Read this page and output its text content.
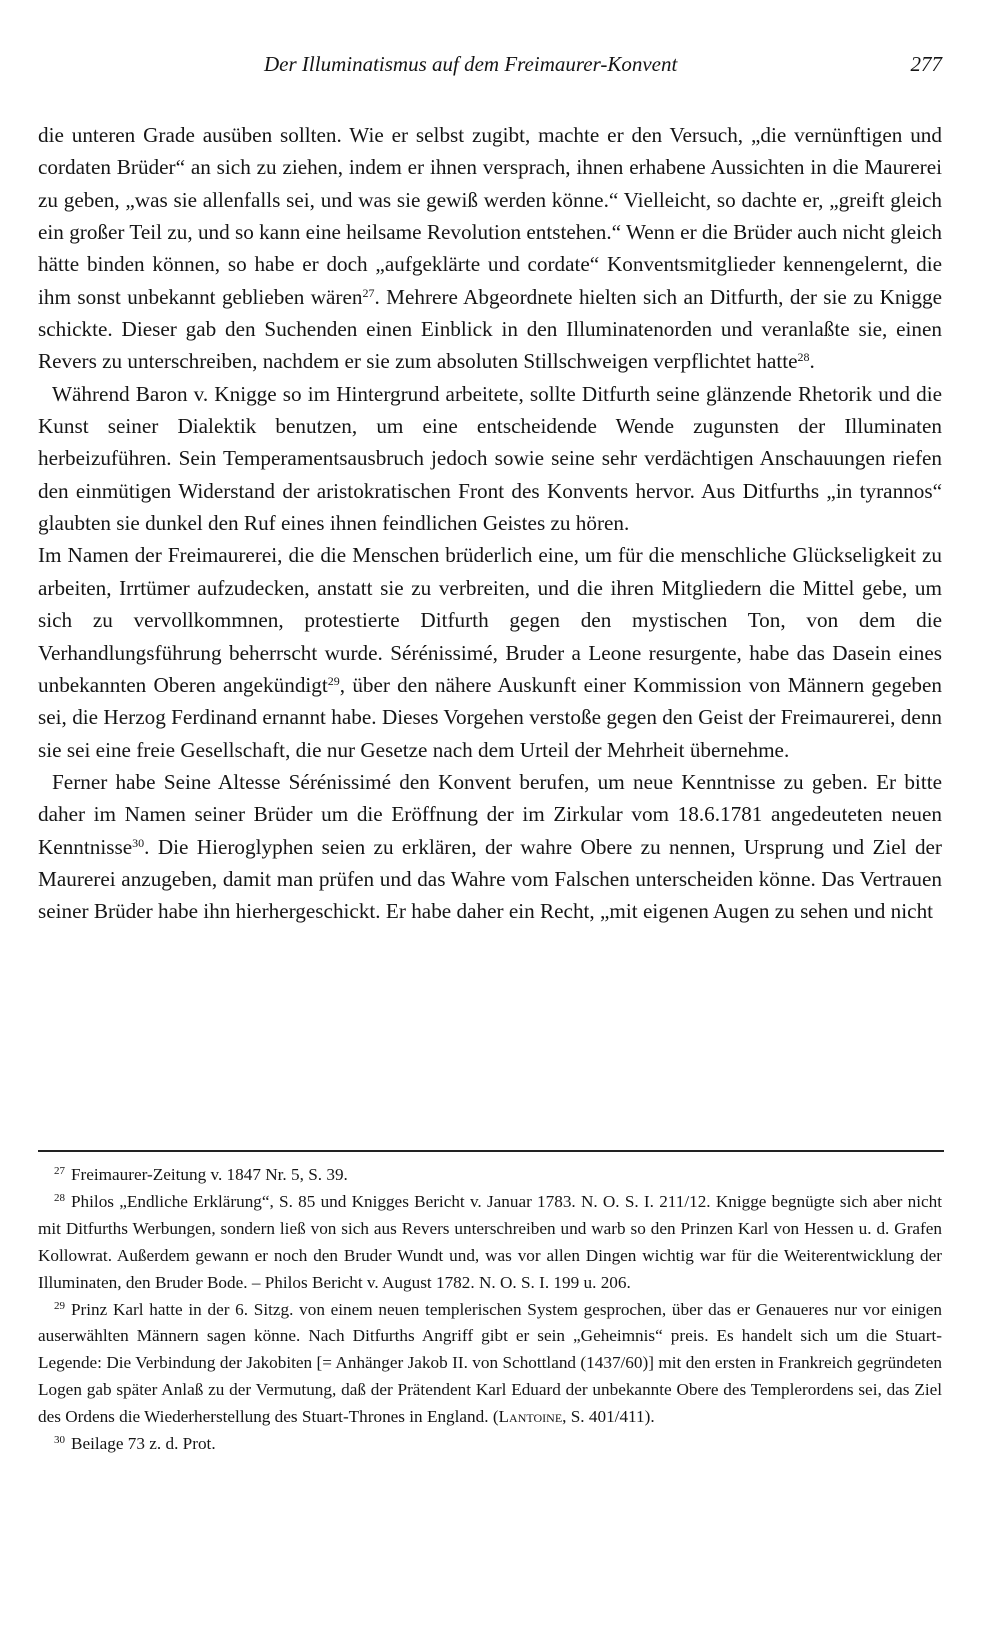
Der Illuminatismus auf dem Freimaurer-Konvent	277

die unteren Grade ausüben sollten. Wie er selbst zugibt, machte er den Versuch, „die vernünftigen und cordaten Brüder“ an sich zu ziehen, indem er ihnen versprach, ihnen erhabene Aussichten in die Maurerei zu geben, „was sie allenfalls sei, und was sie gewiß werden könne.“ Vielleicht, so dachte er, „greift gleich ein großer Teil zu, und so kann eine heilsame Revolution entstehen.“ Wenn er die Brüder auch nicht gleich hätte binden können, so habe er doch „aufgeklärte und cordate“ Konventsmitglieder kennengelernt, die ihm sonst unbekannt geblieben wären$^{27}$. Mehrere Abgeordnete hielten sich an Ditfurth, der sie zu Knigge schickte. Dieser gab den Suchenden einen Einblick in den Illuminatenorden und veranlaßte sie, einen Revers zu unterschreiben, nachdem er sie zum absoluten Stillschweigen verpflichtet hatte$^{28}$.

Während Baron v. Knigge so im Hintergrund arbeitete, sollte Ditfurth seine glänzende Rhetorik und die Kunst seiner Dialektik benutzen, um eine entscheidende Wende zugunsten der Illuminaten herbeizuführen. Sein Temperamentsausbruch jedoch sowie seine sehr verdächtigen Anschauungen riefen den einmütigen Widerstand der aristokratischen Front des Konvents hervor. Aus Ditfurths „in tyrannos“ glaubten sie dunkel den Ruf eines ihnen feindlichen Geistes zu hören.

Im Namen der Freimaurerei, die die Menschen brüderlich eine, um für die menschliche Glückseligkeit zu arbeiten, Irrtümer aufzudecken, anstatt sie zu verbreiten, und die ihren Mitgliedern die Mittel gebe, um sich zu vervollkommnen, protestierte Ditfurth gegen den mystischen Ton, von dem die Verhandlungsführung beherrscht wurde. Sérénissimé, Bruder a Leone resurgente, habe das Dasein eines unbekannten Oberen angekündigt$^{29}$, über den nähere Auskunft einer Kommission von Männern gegeben sei, die Herzog Ferdinand ernannt habe. Dieses Vorgehen verstoße gegen den Geist der Freimaurerei, denn sie sei eine freie Gesellschaft, die nur Gesetze nach dem Urteil der Mehrheit übernehme.

Ferner habe Seine Altesse Sérénissimé den Konvent berufen, um neue Kenntnisse zu geben. Er bitte daher im Namen seiner Brüder um die Eröffnung der im Zirkular vom 18.6.1781 angedeuteten neuen Kenntnisse$^{30}$. Die Hieroglyphen seien zu erklären, der wahre Obere zu nennen, Ursprung und Ziel der Maurerei anzugeben, damit man prüfen und das Wahre vom Falschen unterscheiden könne. Das Vertrauen seiner Brüder habe ihn hierhergeschickt. Er habe daher ein Recht, „mit eigenen Augen zu sehen und nicht

$^{27}$ Freimaurer-Zeitung v. 1847 Nr. 5, S. 39.

$^{28}$ Philos „Endliche Erklärung“, S. 85 und Knigges Bericht v. Januar 1783. N. O. S. I. 211/12. Knigge begnügte sich aber nicht mit Ditfurths Werbungen, sondern ließ von sich aus Revers unterschreiben und warb so den Prinzen Karl von Hessen u. d. Grafen Kollowrat. Außerdem gewann er noch den Bruder Wundt und, was vor allen Dingen wichtig war für die Weiterentwicklung der Illuminaten, den Bruder Bode. – Philos Bericht v. August 1782. N. O. S. I. 199 u. 206.

$^{29}$ Prinz Karl hatte in der 6. Sitzg. von einem neuen templerischen System gesprochen, über das er Genaueres nur vor einigen auserwählten Männern sagen könne. Nach Ditfurths Angriff gibt er sein „Geheimnis“ preis. Es handelt sich um die Stuart-Legende: Die Verbindung der Jakobiten [= Anhänger Jakob II. von Schottland (1437/60)] mit den ersten in Frankreich gegründeten Logen gab später Anlaß zu der Vermutung, daß der Prätendent Karl Eduard der unbekannte Obere des Templerordens sei, das Ziel des Ordens die Wiederherstellung des Stuart-Thrones in England. (Lantoine, S. 401/411).

$^{30}$ Beilage 73 z. d. Prot.
